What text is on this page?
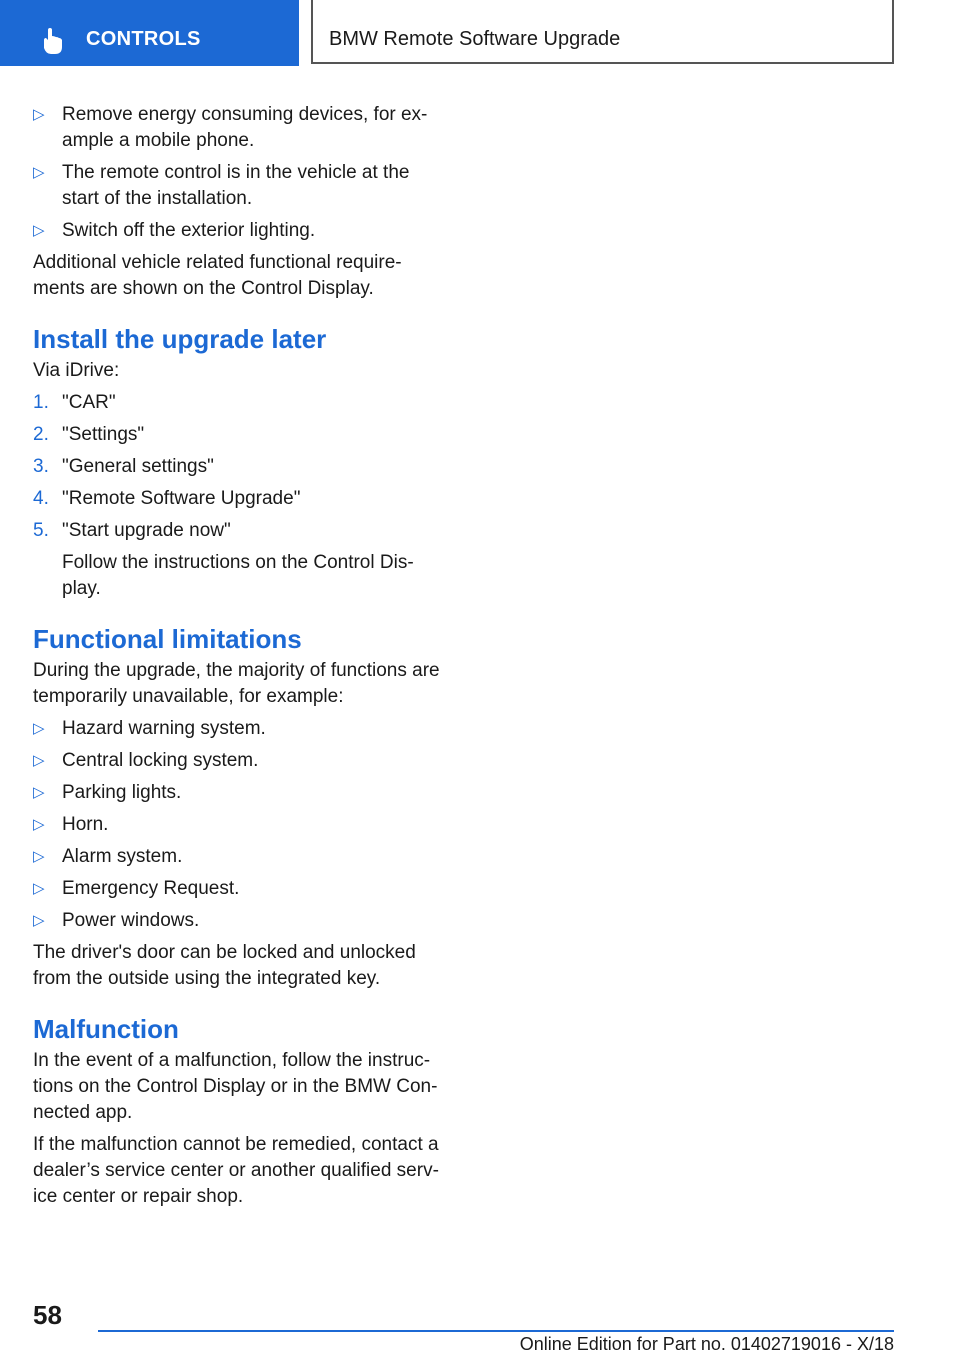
CONTROLS	BMW Remote Software Upgrade
▷ Remove energy consuming devices, for ex‐ ample a mobile phone.
▷ The remote control is in the vehicle at the start of the installation.
▷ Switch off the exterior lighting.

Additional vehicle related functional require‐ ments are shown on the Control Display.

Install the upgrade later

Via iDrive:

1. "CAR"
2. "Settings"
3. "General settings"
4. "Remote Software Upgrade"
5. "Start upgrade now"
Follow the instructions on the Control Dis‐ play.
Functional limitations

During the upgrade, the majority of functions are temporarily unavailable, for example:

▷ Hazard warning system.
▷ Central locking system.
▷ Parking lights.
▷ Horn.
▷ Alarm system.
▷ Emergency Request.
▷ Power windows.

The driver's door can be locked and unlocked from the outside using the integrated key.

Malfunction

In the event of a malfunction, follow the instruc‐ tions on the Control Display or in the BMW Con‐ nected app.

If the malfunction cannot be remedied, contact a dealer’s service center or another qualified serv‐ ice center or repair shop.

58
Online Edition for Part no. 01402719016 - X/18
